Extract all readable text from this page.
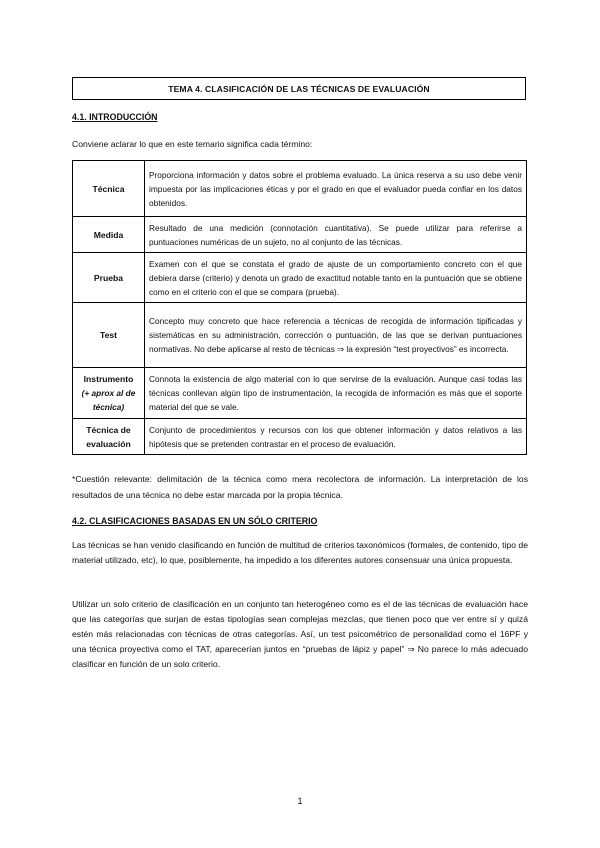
TEMA 4. CLASIFICACIÓN DE LAS TÉCNICAS DE EVALUACIÓN
4.1. INTRODUCCIÓN
Conviene aclarar lo que en este temario significa cada término:
Técnica	Proporciona información y datos sobre el problema evaluado. La única reserva a su uso debe venir impuesta por las implicaciones éticas y por el grado en que el evaluador pueda confiar en los datos obtenidos.
Medida	Resultado de una medición (connotación cuantitativa). Se puede utilizar para referirse a puntuaciones numéricas de un sujeto, no al conjunto de las técnicas.
Prueba	Examen con el que se constata el grado de ajuste de un comportamiento concreto con el que debiera darse (criterio) y denota un grado de exactitud notable tanto en la puntuación que se obtiene como en el criterio con el que se compara (prueba).
Test	Concepto muy concreto que hace referencia a técnicas de recogida de información tipificadas y sistemáticas en su administración, corrección o puntuación, de las que se derivan puntuaciones normativas. No debe aplicarse al resto de técnicas ⇒ la expresión “test proyectivos” es incorrecta.
Instrumento
(+ aprox al de técnica)	Connota la existencia de algo material con lo que servirse de la evaluación. Aunque casi todas las técnicas conllevan algún tipo de instrumentación, la recogida de información es más que el soporte material del que se vale.
Técnica de evaluación	Conjunto de procedimientos y recursos con los que obtener información y datos relativos a las hipótesis que se pretenden contrastar en el proceso de evaluación.
*Cuestión relevante: delimitación de la técnica como mera recolectora de información. La interpretación de los resultados de una técnica no debe estar marcada por la propia técnica.
4.2. CLASIFICACIONES BASADAS EN UN SÓLO CRITERIO
Las técnicas se han venido clasificando en función de multitud de criterios taxonómicos (formales, de contenido, tipo de material utilizado, etc), lo que, posiblemente, ha impedido a los diferentes autores consensuar una única propuesta.
Utilizar un solo criterio de clasificación en un conjunto tan heterogéneo como es el de las técnicas de evaluación hace que las categorías que surjan de estas tipologías sean complejas mezclas, que tienen poco que ver entre sí y quizá estén más relacionadas con técnicas de otras categorías. Así, un test psicométrico de personalidad como el 16PF y una técnica proyectiva como el TAT, aparecerían juntos en “pruebas de lápiz y papel” ⇒ No parece lo más adecuado clasificar en función de un solo criterio.
1
